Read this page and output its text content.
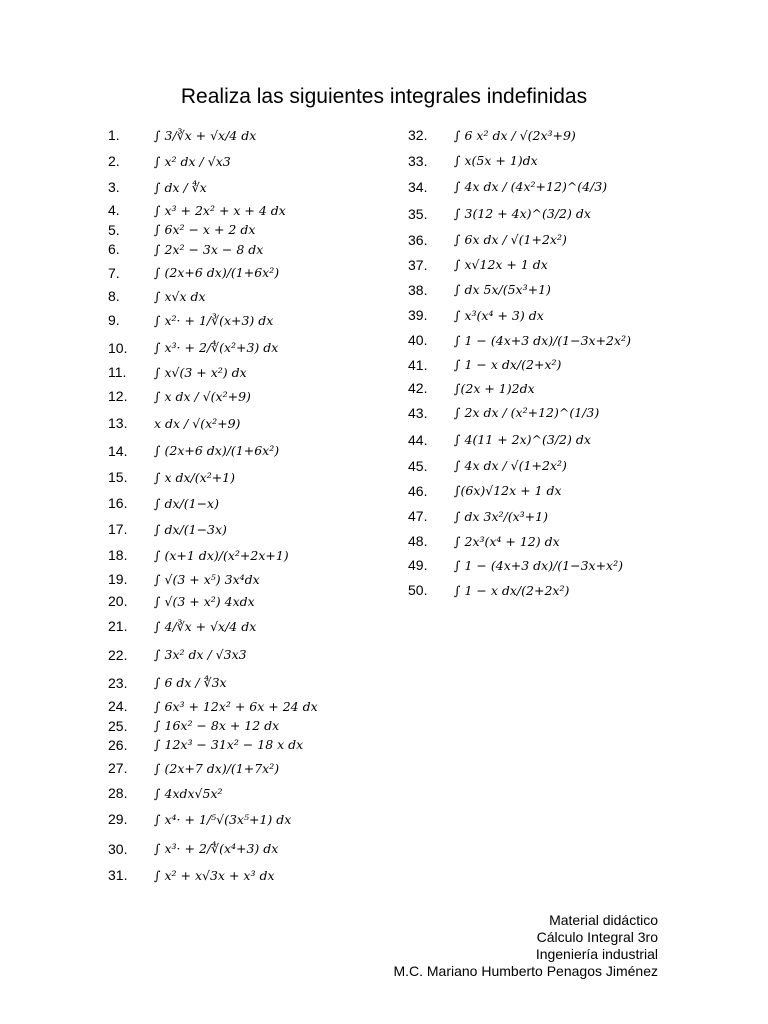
Realiza las siguientes integrales indefinidas
1.	∫ 3/∛x + √x/4 dx
2.	∫ x² dx / √x3
3.	∫ dx / ∜x
4.	∫ x³ + 2x² + x + 4 dx
5.	∫ 6x² − x + 2 dx
6.	∫ 2x² − 3x − 8 dx
7.	∫ (2x+6 dx)/(1+6x²)
8.	∫ x√x dx
9.	∫ x²· + 1/∛(x+3) dx
10.	∫ x³· + 2/∜(x²+3) dx
11.	∫ x√(3 + x²) dx
12.	∫ x dx / √(x²+9)
13.	x dx / √(x²+9)
14.	∫ (2x+6 dx)/(1+6x²)
15.	∫ x dx/(x²+1)
16.	∫ dx/(1−x)
17.	∫ dx/(1−3x)
18.	∫ (x+1 dx)/(x²+2x+1)
19.	∫ √(3 + x⁵) 3x⁴dx
20.	∫ √(3 + x²) 4xdx
21.	∫ 4/∛x + √x/4 dx
22.	∫ 3x² dx / √3x3
23.	∫ 6 dx / ∜3x
24.	∫ 6x³ + 12x² + 6x + 24 dx
25.	∫ 16x² − 8x + 12 dx
26.	∫ 12x³ − 31x² − 18 x dx
27.	∫ (2x+7 dx)/(1+7x²)
28.	∫ 4xdx√5x²
29.	∫ x⁴· + 1/⁵√(3x⁵+1) dx
30.	∫ x³· + 2/∜(x⁴+3) dx
31.	∫ x² + x√3x + x³ dx
32.	∫ 6 x² dx / √(2x³+9)
33.	∫ x(5x + 1)dx
34.	∫ 4x dx / (4x²+12)^(4/3)
35.	∫ 3(12 + 4x)^(3/2) dx
36.	∫ 6x dx / √(1+2x²)
37.	∫ x√12x + 1 dx
38.	∫ dx 5x/(5x³+1)
39.	∫ x³(x⁴ + 3) dx
40.	∫ 1 − (4x+3 dx)/(1−3x+2x²)
41.	∫ 1 − x dx/(2+x²)
42.	∫(2x + 1)2dx
43.	∫ 2x dx / (x²+12)^(1/3)
44.	∫ 4(11 + 2x)^(3/2) dx
45.	∫ 4x dx / √(1+2x²)
46.	∫(6x)√12x + 1 dx
47.	∫ dx 3x²/(x³+1)
48.	∫ 2x³(x⁴ + 12) dx
49.	∫ 1 − (4x+3 dx)/(1−3x+x²)
50.	∫ 1 − x dx/(2+2x²)
Material didáctico
Cálculo Integral 3ro
Ingeniería industrial
M.C. Mariano Humberto Penagos Jiménez
